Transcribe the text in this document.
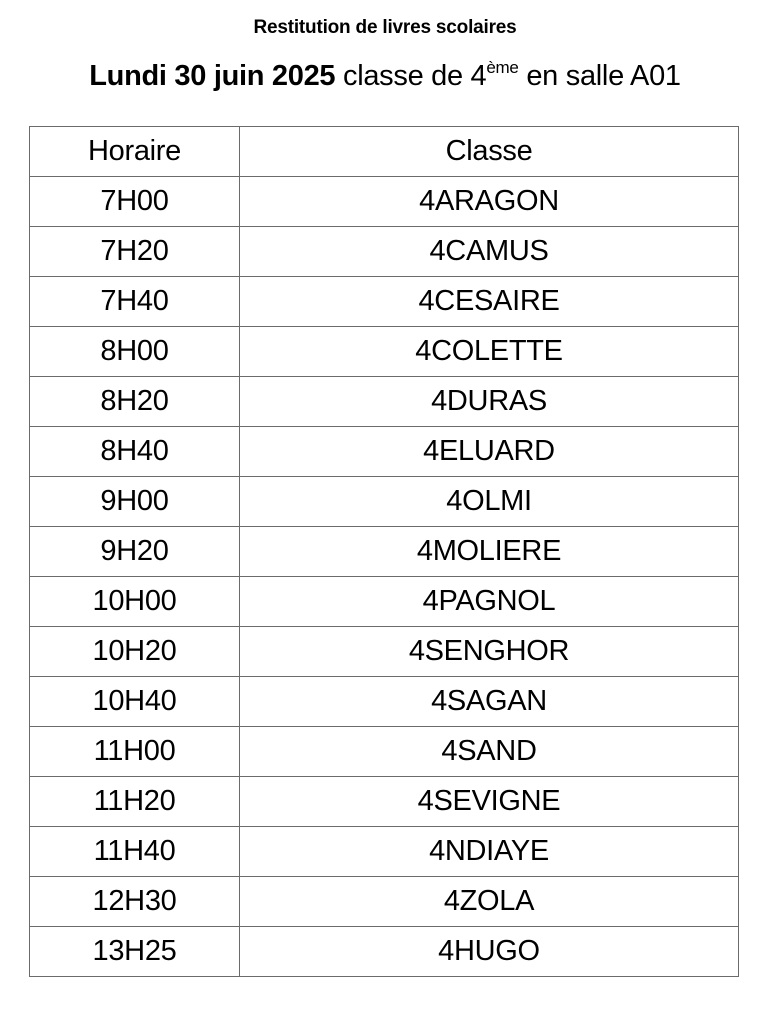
Restitution de livres scolaires
Lundi 30 juin 2025 classe de 4ème en salle A01
Horaire	Classe
7H00	4ARAGON
7H20	4CAMUS
7H40	4CESAIRE
8H00	4COLETTE
8H20	4DURAS
8H40	4ELUARD
9H00	4OLMI
9H20	4MOLIERE
10H00	4PAGNOL
10H20	4SENGHOR
10H40	4SAGAN
11H00	4SAND
11H20	4SEVIGNE
11H40	4NDIAYE
12H30	4ZOLA
13H25	4HUGO
